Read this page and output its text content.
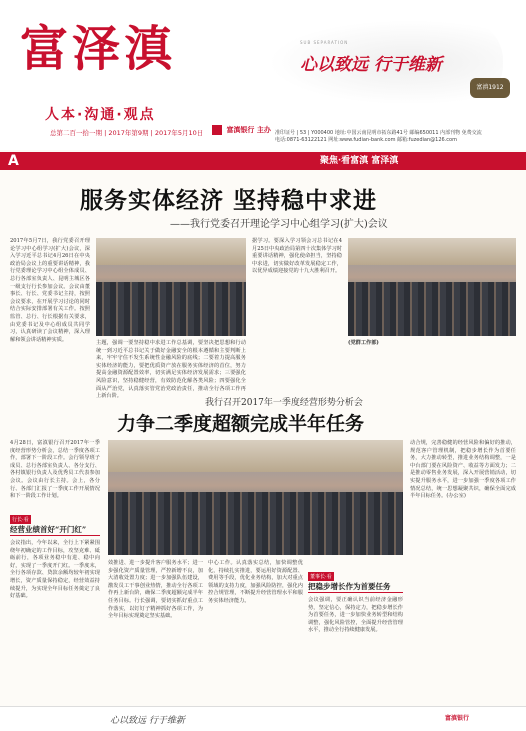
富泽滇
人本·沟通·观点
总第二百一拾一期 | 2017年第9期 | 2017年5月10日	富滇银行 主办
SUB SEPARATION
心以致远 行于维新
富滇1912
准印证号 | 53 | Y000400 地址:中国云南昆明市拓东路41号 邮编650011 内部刊物 免费交流
电话:0871-63122121 网址:www.fudian-bank.com 邮箱:fuzedian@126.com
A	聚焦·看富滇 富泽滇
服务实体经济 坚持稳中求进
——我行党委召开理论学习中心组学习(扩大)会议
2017年5月7日，我行党委召开理论学习中心组学习(扩大)会议，深入学习近平总书记4月26日在中央政治局会议上的重要讲话精神，我行党委理论学习中心组全体成员、总行各部室负责人、昆明主城区各一级支行行长参加会议。会议由董事长、行长、党委书记主持，按照会议要求，在开展学习讨论的同时结合实际安排部署有关工作。按照监管、总行、行长根据有关要求，由党委书记及中心组成员共同学习，认真研读了会议精神，深入理解和领会讲话精神实质。
主题，强调一要坚持稳中求进工作总基调，要坚决把思想和行动统一到习近平总书记关于做好金融安全的根本遵循和主要判断上来，牢牢守住不发生系统性金融风险的底线；二要着力提高服务实体经济的能力，要把优质资产放在服务实体经济的首位，努力提高金融资源配置效率，切实满足实体经济发展需求；三要强化风险意识，坚持稳健经营，有效防范化解各类风险；四要强化全面从严治党，认真落实管党治党政治责任，推动全行各项工作再上新台阶。
据学习。要深入学习领会习总书记在4月25日中央政治局第四十次集体学习时重要讲话精神，强化使命担当，坚持稳中求进，切实做好改革发展稳定工作，以优异成绩迎接党的十九大胜利召开。
(党群工作部)
我行召开2017年一季度经营形势分析会
力争二季度超额完成半年任务
4月28日，富滇银行召开2017年一季度经营形势分析会，总结一季度各项工作，部署下一阶段工作。会行领导班子成员、总行各部室负责人、各分支行、各村镇银行负责人及优秀员工代表参加会议。会议由行长主持。会上，各分行、各部门汇报了一季度工作开展情况和下一阶段工作计划。
行长·看
经营业绩首好“开门红”
会议指出，今年以来，全行上下紧紧围绕年初确定的工作目标，攻坚克难、砥砺前行，各项业务稳中有进、稳中向好，实现了一季度开门红。一季度末，全行各项存款、贷款余额均较年初实现增长，资产质量保持稳定，经营效益持续提升，为实现全年目标任务奠定了良好基础。
效推进、进一步提升客户服务水平；进一步强化资产质量管理，严控新增不良，加大清收处置力度；进一步加强队伍建设，激发员工干事创业热情，推动全行各项工作再上新台阶，确保二季度超额完成半年任务目标。行长强调，要切实抓好重点工作落实，以钉钉子精神抓好各项工作，为全年目标实现奠定坚实基础。
中心工作。认真落实总结，加快调整优化，持续扎实推进，要运用好资源配置、费用等手段，优化业务结构，加大对重点领域的支持力度，加强风险防控，强化内控合规管理，不断提升经营管理水平和服务实体经济能力。
董事长·看
把稳步增长作为首要任务
会议强调，要正确认识当前经济金融形势，坚定信心，保持定力，把稳步增长作为首要任务，进一步加快业务转型和结构调整，强化风险管控，全面提升经营管理水平，推动全行持续健康发展。
动合规，完善稳健的经营风险和偏好的推动，规范客户管理机制，把稳步增长作为首要任务，大力推动转型，推进业务结构调整，一是中台部门要在风险资产、收益等方面发力；二是推动零售业务发展，深入开展营销活动，切实提升服务水平，进一步加强一季度各项工作情况总结，统一思想凝聚共识，确保全面完成半年目标任务。(办公室)
心以致远 行于维新	富滇银行
